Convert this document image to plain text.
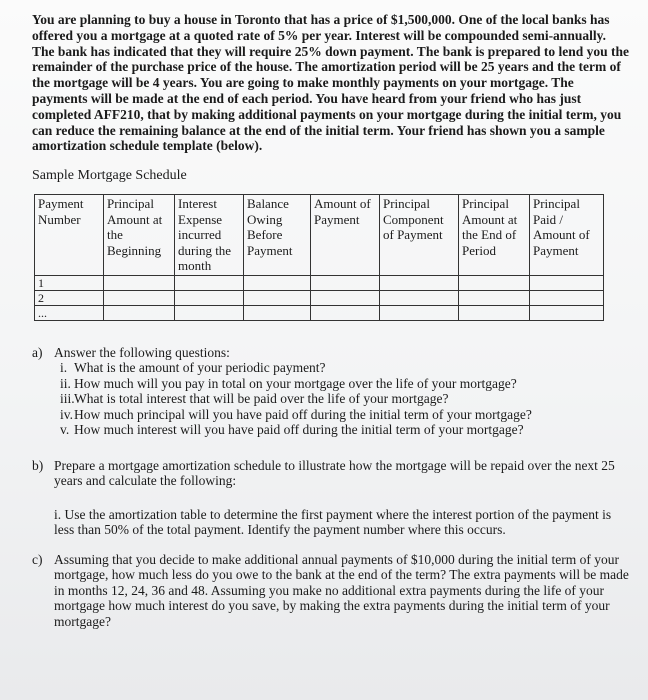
You are planning to buy a house in Toronto that has a price of $1,500,000. One of the local banks has offered you a mortgage at a quoted rate of 5% per year. Interest will be compounded semi-annually. The bank has indicated that they will require 25% down payment. The bank is prepared to lend you the remainder of the purchase price of the house. The amortization period will be 25 years and the term of the mortgage will be 4 years. You are going to make monthly payments on your mortgage. The payments will be made at the end of each period. You have heard from your friend who has just completed AFF210, that by making additional payments on your mortgage during the initial term, you can reduce the remaining balance at the end of the initial term. Your friend has shown you a sample amortization schedule template (below).

Sample Mortgage Schedule
Payment Number	Principal Amount at the Beginning	Interest Expense incurred during the month	Balance Owing Before Payment	Amount of Payment	Principal Component of Payment	Principal Amount at the End of Period	Principal Paid / Amount of Payment
1							
2							
...							
a) Answer the following questions:
i. What is the amount of your periodic payment?
ii. How much will you pay in total on your mortgage over the life of your mortgage?
iii. What is total interest that will be paid over the life of your mortgage?
iv. How much principal will you have paid off during the initial term of your mortgage?
v. How much interest will you have paid off during the initial term of your mortgage?
b) Prepare a mortgage amortization schedule to illustrate how the mortgage will be repaid over the next 25 years and calculate the following:
i. Use the amortization table to determine the first payment where the interest portion of the payment is less than 50% of the total payment. Identify the payment number where this occurs.
c) Assuming that you decide to make additional annual payments of $10,000 during the initial term of your mortgage, how much less do you owe to the bank at the end of the term? The extra payments will be made in months 12, 24, 36 and 48. Assuming you make no additional extra payments during the life of your mortgage how much interest do you save, by making the extra payments during the initial term of your mortgage?
